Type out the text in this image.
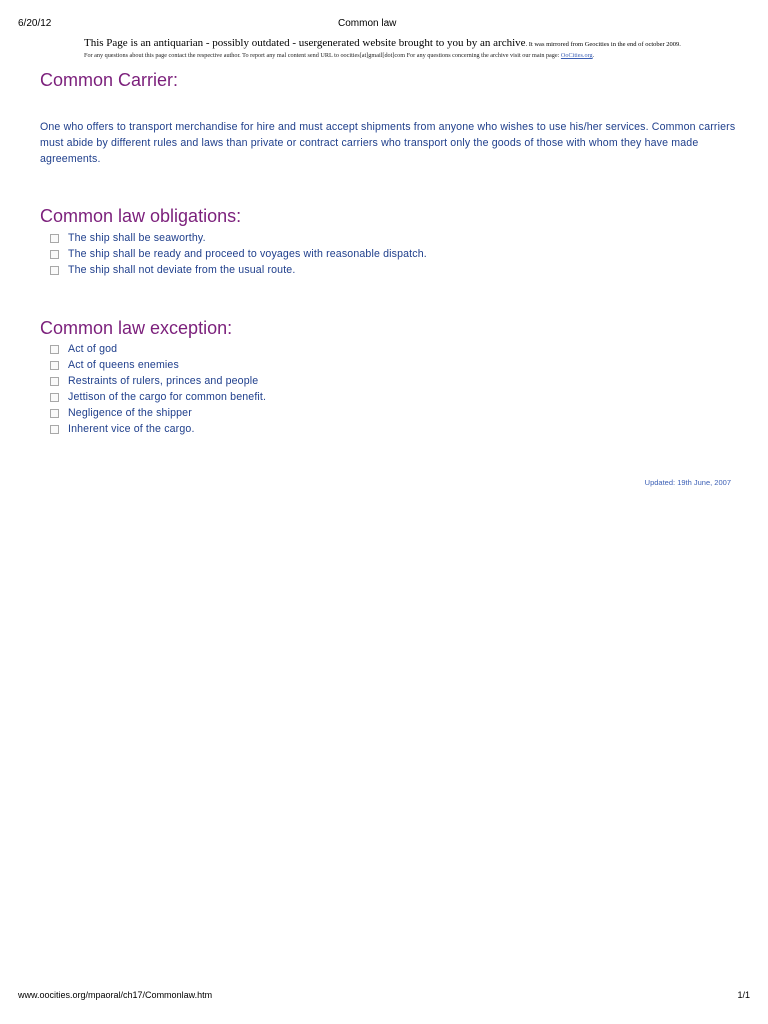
6/20/12	Common law
This Page is an antiquarian - possibly outdated - usergenerated website brought to you by an archive. It was mirrored from Geocities in the end of october 2009.
For any questions about this page contact the respective author. To report any mal content send URL to oocities[at]gmail[dot]com For any questions concerning the archive visit our main page: OoCities.org.
Common Carrier:
One who offers to transport merchandise for hire and must accept shipments from anyone who wishes to use his/her services. Common carriers must abide by different rules and laws than private or contract carriers who transport only the goods of those with whom they have made agreements.
Common law obligations:
The ship shall be seaworthy.
The ship shall be ready and proceed to voyages with reasonable dispatch.
The ship shall not deviate from the usual route.
Common law exception:
Act of god
Act of queens enemies
Restraints of rulers, princes and people
Jettison of the cargo for common benefit.
Negligence of the shipper
Inherent vice of the cargo.
Updated: 19th June, 2007
www.oocities.org/mpaoral/ch17/Commonlaw.htm	1/1
